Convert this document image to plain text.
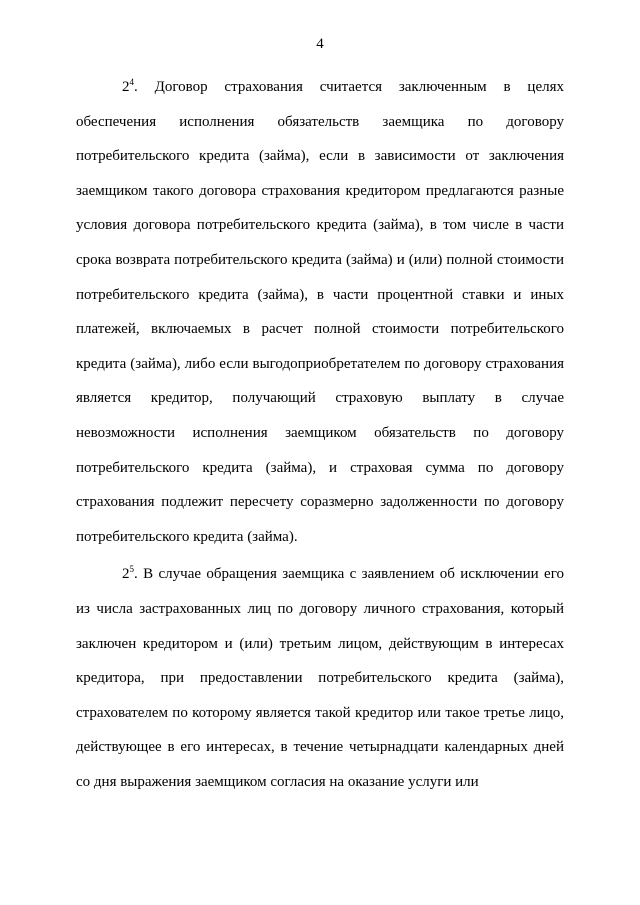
4

$2^4$. Договор страхования считается заключенным в целях обеспечения исполнения обязательств заемщика по договору потребительского кредита (займа), если в зависимости от заключения заемщиком такого договора страхования кредитором предлагаются разные условия договора потребительского кредита (займа), в том числе в части срока возврата потребительского кредита (займа) и (или) полной стоимости потребительского кредита (займа), в части процентной ставки и иных платежей, включаемых в расчет полной стоимости потребительского кредита (займа), либо если выгодоприобретателем по договору страхования является кредитор, получающий страховую выплату в случае невозможности исполнения заемщиком обязательств по договору потребительского кредита (займа), и страховая сумма по договору страхования подлежит пересчету соразмерно задолженности по договору потребительского кредита (займа).

$2^5$. В случае обращения заемщика с заявлением об исключении его из числа застрахованных лиц по договору личного страхования, который заключен кредитором и (или) третьим лицом, действующим в интересах кредитора, при предоставлении потребительского кредита (займа), страхователем по которому является такой кредитор или такое третье лицо, действующее в его интересах, в течение четырнадцати календарных дней со дня выражения заемщиком согласия на оказание услуги или
